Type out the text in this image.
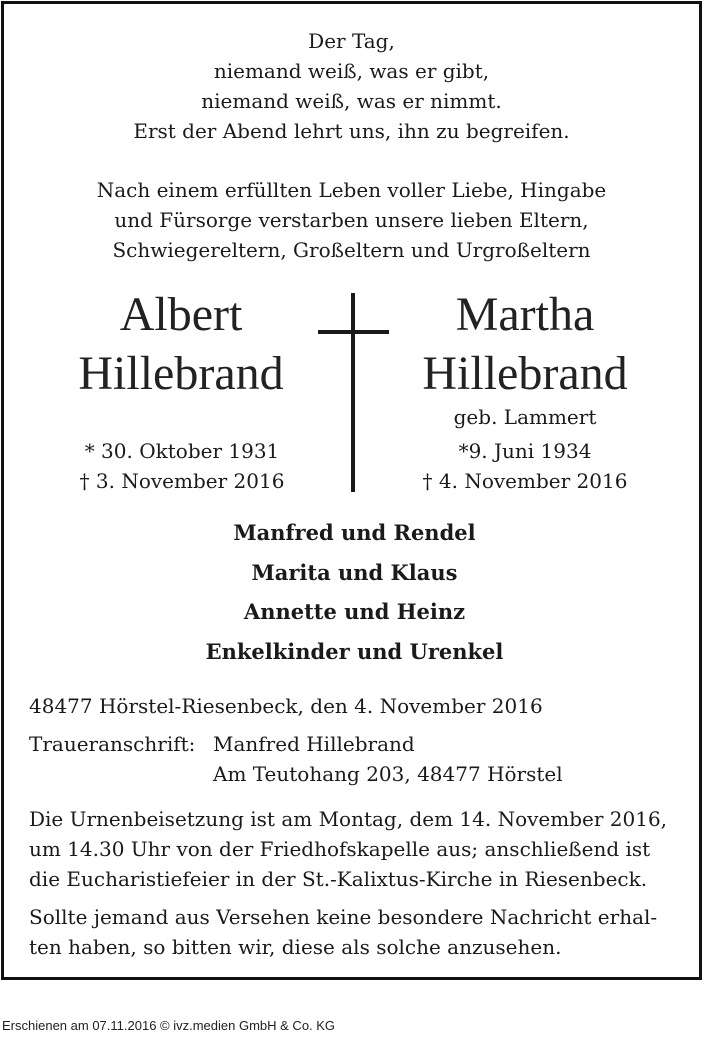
Der Tag,
niemand weiß, was er gibt,
niemand weiß, was er nimmt.
Erst der Abend lehrt uns, ihn zu begreifen.
Nach einem erfüllten Leben voller Liebe, Hingabe
und Fürsorge verstarben unsere lieben Eltern,
Schwiegereltern, Großeltern und Urgroßeltern
Albert
Hillebrand
Martha
Hillebrand
geb. Lammert
* 30. Oktober 1931
† 3. November 2016
*9. Juni 1934
† 4. November 2016
Manfred und Rendel
Marita und Klaus
Annette und Heinz
Enkelkinder und Urenkel
48477 Hörstel-Riesenbeck, den 4. November 2016
Traueranschrift: Manfred Hillebrand
Am Teutohang 203, 48477 Hörstel
Die Urnenbeisetzung ist am Montag, dem 14. November 2016,
um 14.30 Uhr von der Friedhofskapelle aus; anschließend ist
die Eucharistiefeier in der St.-Kalixtus-Kirche in Riesenbeck.
Sollte jemand aus Versehen keine besondere Nachricht erhal-
ten haben, so bitten wir, diese als solche anzusehen.
Erschienen am 07.11.2016 © ivz.medien GmbH & Co. KG
